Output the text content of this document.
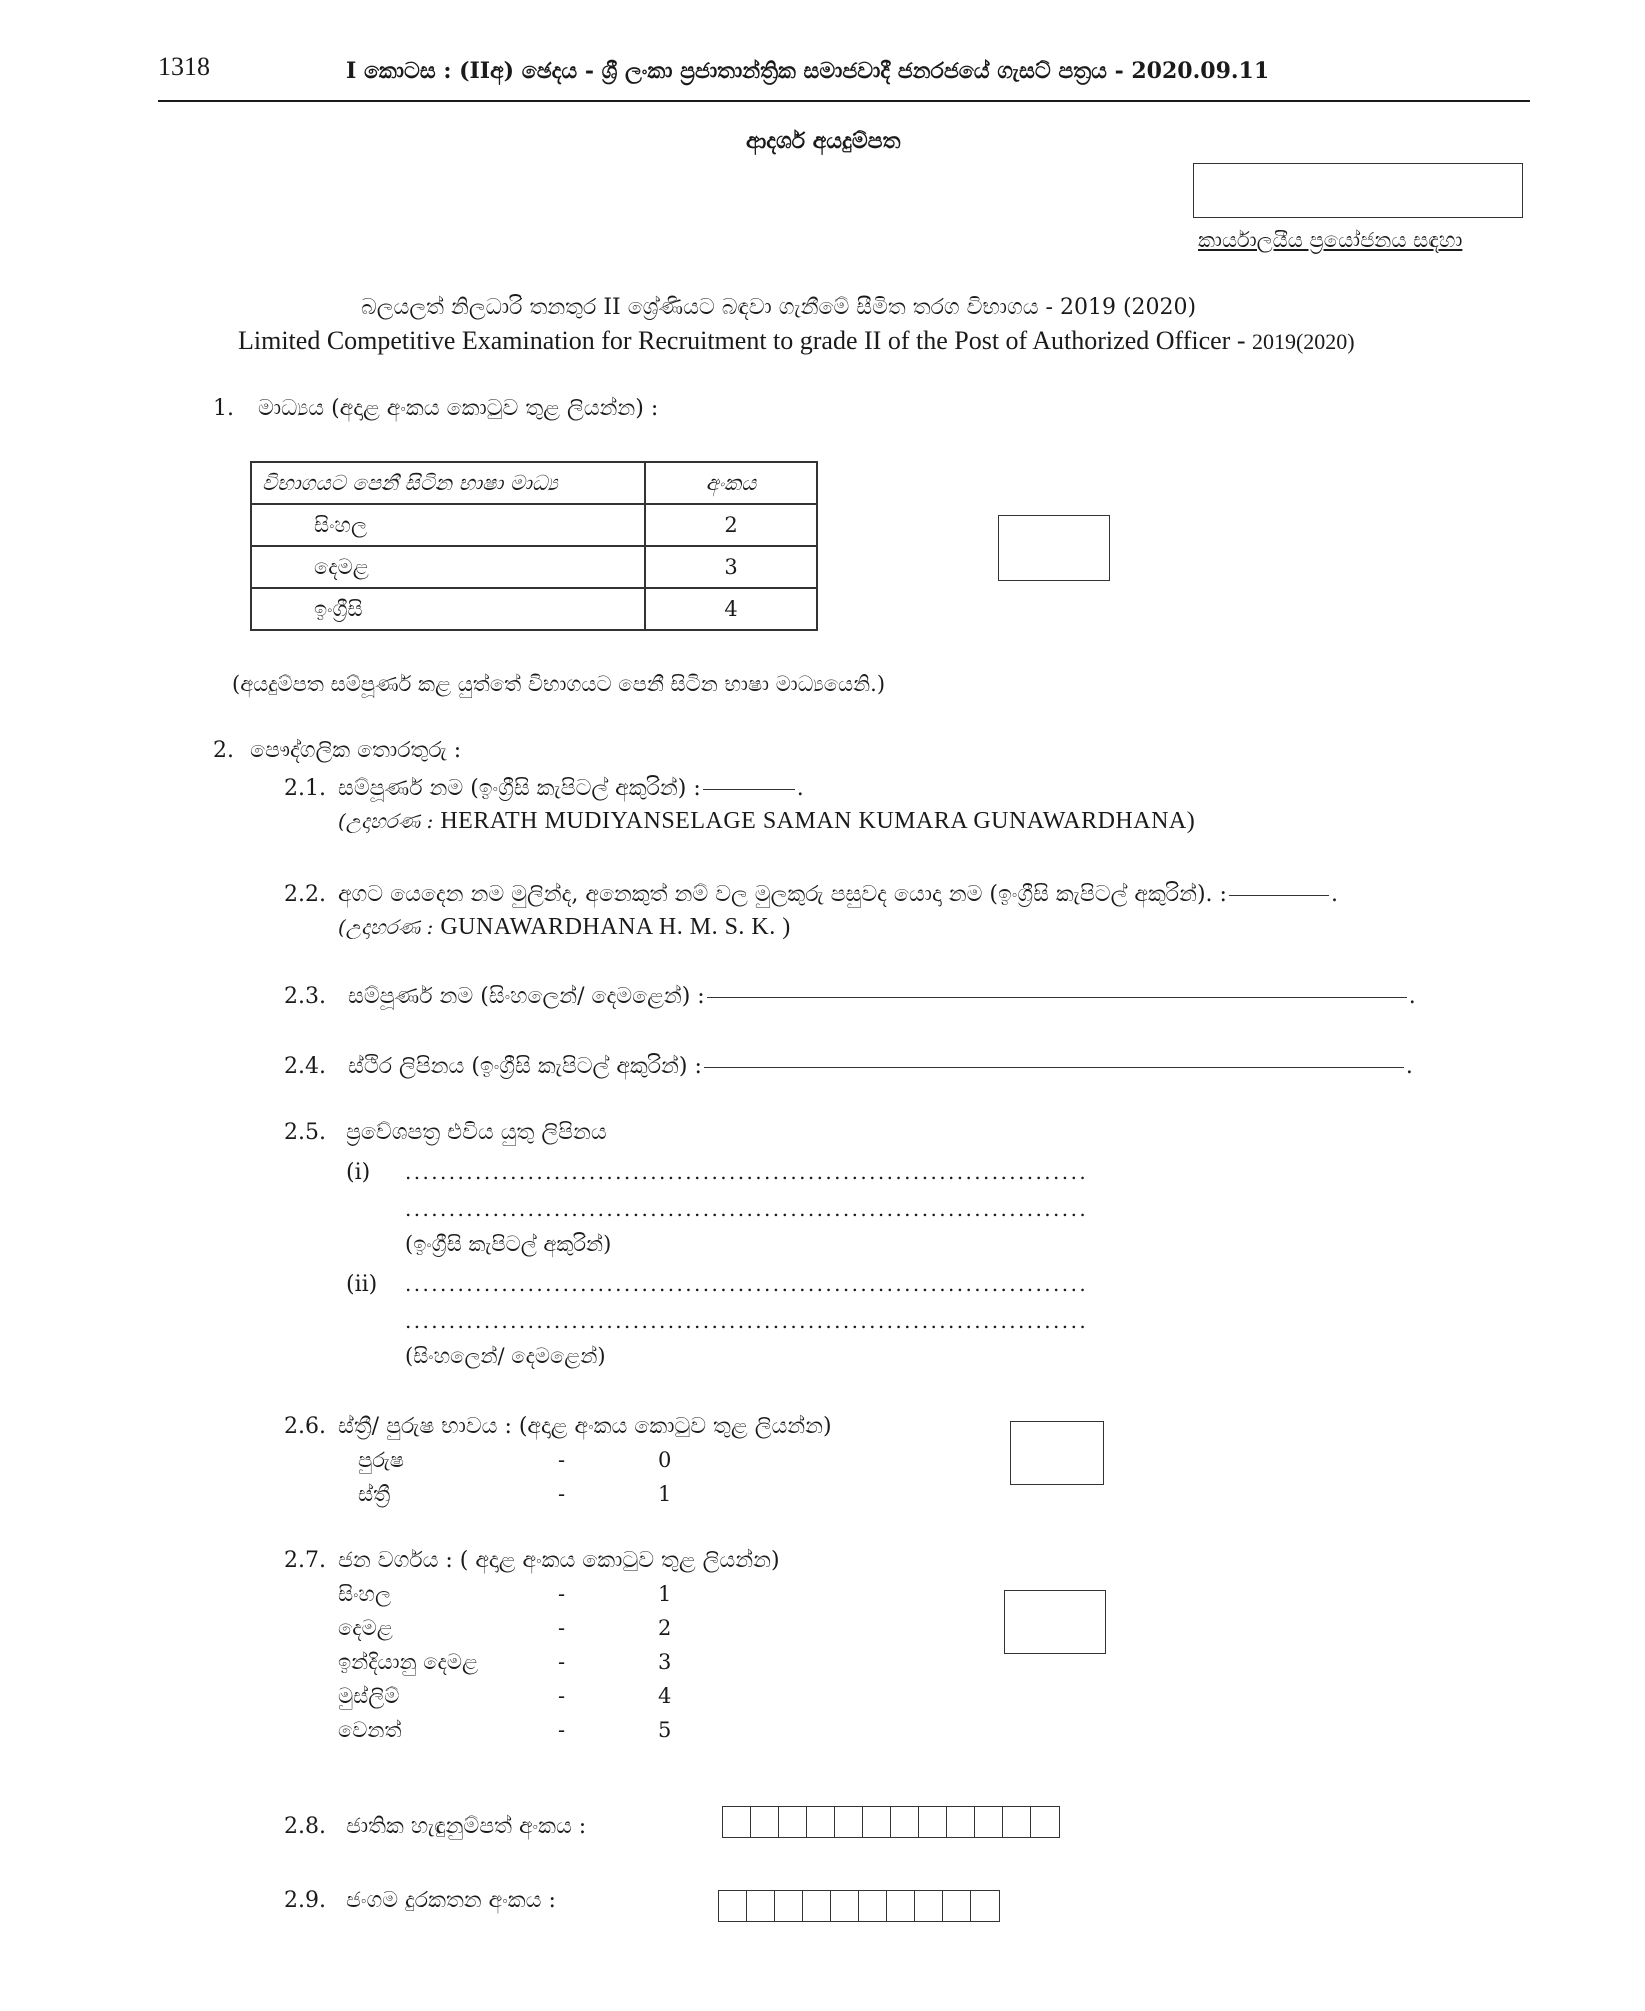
1318	I කොටස : (IIඅ) ඡෙදය - ශ්‍රී ලංකා ප්‍රජාතාන්ත්‍රික සමාජවාදී ජනරජයේ ගැසට් පත්‍රය - 2020.09.11
ආදර්ශ අයදුම්පත
කාර්යාලයීය ප්‍රයෝජනය සඳහා
බලයලත් නිලධාරි තනතුර II ශ්‍රේණියට බඳවා ගැනීමේ සීමිත තරග විභාගය - 2019 (2020)
Limited Competitive Examination for Recruitment to grade II of the Post of Authorized Officer - 2019(2020)
1. මාධ්‍යය (අදාළ අංකය කොටුව තුළ ලියන්න) :
විභාගයට පෙනී සිටින භාෂා මාධ්‍ය	අංකය
සිංහල	2
දෙමළ	3
ඉංග්‍රීසි	4
(අයදුම්පත සම්පූර්ණ කළ යුත්තේ විභාගයට පෙනී සිටින භාෂා මාධ්‍යයෙනි.)
2. පෞද්ගලික තොරතුරු :
2.1. සම්පූර්ණ නම (ඉංග්‍රීසි කැපිටල් අකුරින්) :	.
(උදාහරණ : HERATH MUDIYANSELAGE SAMAN KUMARA GUNAWARDHANA)
2.2. අගට යෙදෙන නම මුලින්ද, අනෙකුත් නම් වල මුලකුරු පසුවද යොදා නම (ඉංග්‍රීසි කැපිටල් අකුරින්). :	.
(උදාහරණ : GUNAWARDHANA H. M. S. K. )
2.3. සම්පූර්ණ නම (සිංහලෙන්/ දෙමළෙන්) :	.
2.4. ස්ථිර ලිපිනය (ඉංග්‍රීසි කැපිටල් අකුරින්) :	.
2.5. ප්‍රවේශපත්‍ර එවිය යුතු ලිපිනය
(i) ..............................................................................
..............................................................................
(ඉංග්‍රීසි කැපිටල් අකුරින්)
(ii) ..............................................................................
..............................................................................
(සිංහලෙන්/ දෙමළෙන්)
2.6. ස්ත්‍රී/ පුරුෂ භාවය : (අදාළ අංකය කොටුව තුළ ලියන්න)
පුරුෂ	-	0
ස්ත්‍රී	-	1
2.7. ජන වර්ගය : ( අදාළ අංකය කොටුව තුළ ලියන්න)
සිංහල	-	1
දෙමළ	-	2
ඉන්දියානු දෙමළ	-	3
මුස්ලිම්	-	4
වෙනත්	-	5
2.8. ජාතික හැඳුනුම්පත් අංකය :
2.9. ජංගම දුරකතන අංකය :
